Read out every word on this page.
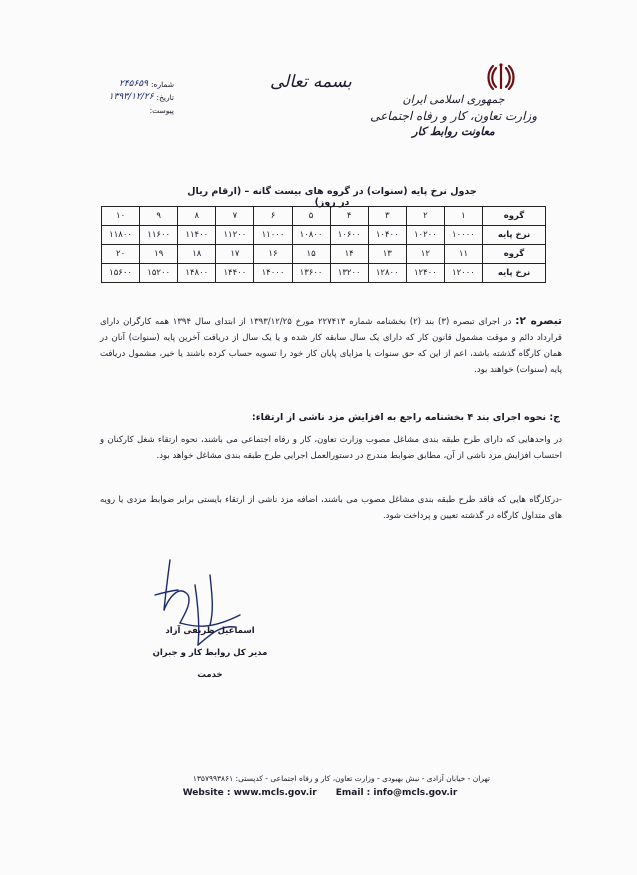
جمهوری اسلامی ایران
وزارت تعاون، کار و رفاه اجتماعی
معاونت روابط کار
بسمه تعالی
شماره:
۲۴۵۶۵۹
تاریخ:
۱۳۹۳/۱۲/۲۶
پیوست:
جدول نرخ پایه (سنوات) در گروه های بیست گانه – (ارقام ریال در روز)
گروه	۱	۲	۳	۴	۵	۶	۷	۸	۹	۱۰
نرخ پایه	۱۰۰۰۰	۱۰۲۰۰	۱۰۴۰۰	۱۰۶۰۰	۱۰۸۰۰	۱۱۰۰۰	۱۱۲۰۰	۱۱۴۰۰	۱۱۶۰۰	۱۱۸۰۰
گروه	۱۱	۱۲	۱۳	۱۴	۱۵	۱۶	۱۷	۱۸	۱۹	۲۰
نرخ پایه	۱۲۰۰۰	۱۲۴۰۰	۱۲۸۰۰	۱۳۲۰۰	۱۳۶۰۰	۱۴۰۰۰	۱۴۴۰۰	۱۴۸۰۰	۱۵۲۰۰	۱۵۶۰۰
تبصره ۲: در اجرای تبصره (۳) بند (۲) بخشنامه شماره ۲۲۷۴۱۳ مورخ ۱۳۹۳/۱۲/۲۵ از ابتدای سال ۱۳۹۴ همه کارگران دارای قرارداد دائم و موقت مشمول قانون کار که دارای یک سال سابقه کار شده و یا یک سال از دریافت آخرین پایه (سنوات) آنان در همان کارگاه گذشته باشد، اعم از این که حق سنوات یا مزایای پایان کار خود را تسویه حساب کرده باشند یا خیر، مشمول دریافت پایه (سنوات) خواهند بود.
ج: نحوه اجرای بند ۴ بخشنامه راجع به افزایش مزد ناشی از ارتقاء:
در واحدهایی که دارای طرح طبقه بندی مشاغل مصوب وزارت تعاون، کار و رفاه اجتماعی می باشند، نحوه ارتقاء شغل کارکنان و احتساب افزایش مزد ناشی از آن، مطابق ضوابط مندرج در دستورالعمل اجرایی طرح طبقه بندی مشاغل خواهد بود.
-درکارگاه هایی که فاقد طرح طبقه بندی مشاغل مصوب می باشند، اضافه مزد ناشی از ارتقاء بایستی برابر ضوابط مزدی یا رویه های متداول کارگاه در گذشته تعیین و پرداخت شود.
اسماعیل ظریفی آزاد
مدیر کل روابط کار و جبران خدمت
تهران - خیابان آزادی - نبش بهبودی - وزارت تعاون، کار و رفاه اجتماعی - کدپستی: ۱۳۵۷۹۹۳۸۶۱
Website : www.mcls.gov.ir Email : info@mcls.gov.ir
